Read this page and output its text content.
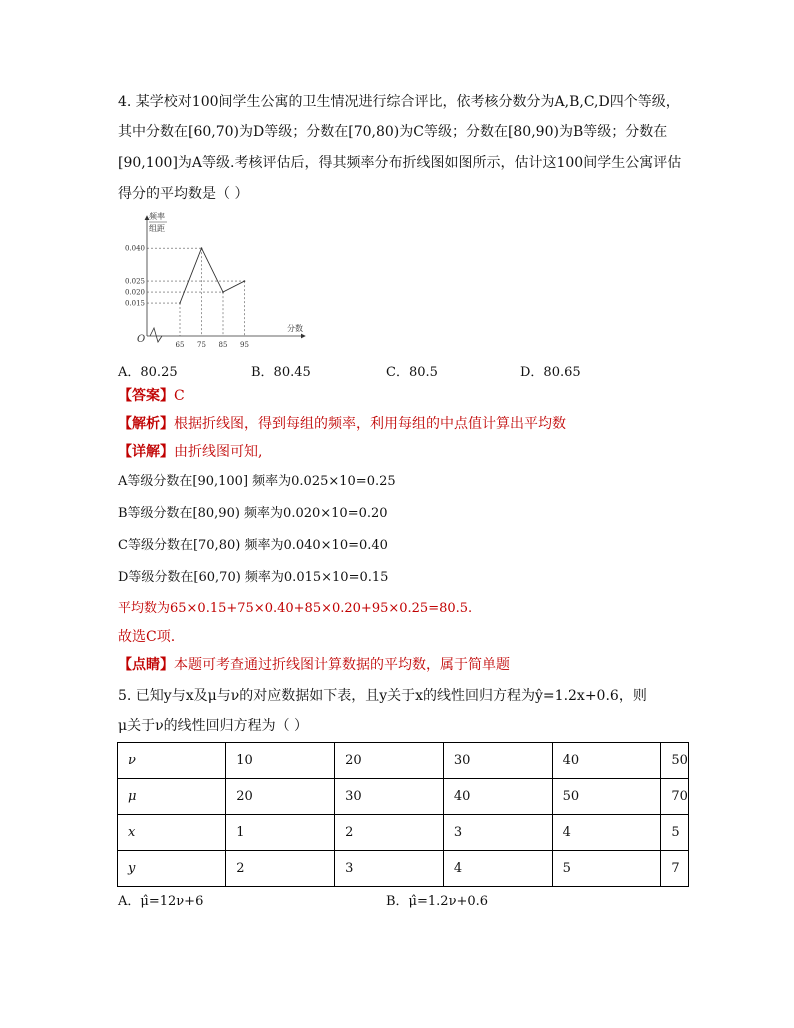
4. 某学校对100间学生公寓的卫生情况进行综合评比，依考核分数分为A,B,C,D四个等级，
其中分数在[60,70)为D等级；分数在[70,80)为C等级；分数在[80,90)为B等级；分数在
[90,100]为A等级.考核评估后，得其频率分布折线图如图所示，估计这100间学生公寓评估
得分的平均数是（ ）
频率
组距
分数
O
0.040
0.025
0.020
0.015
65 75 85 95
A．80.25	B．80.45	C．80.5	D．80.65
【答案】C
【解析】根据折线图，得到每组的频率，利用每组的中点值计算出平均数
【详解】由折线图可知,
A等级分数在[90,100] 频率为0.025×10=0.25
B等级分数在[80,90) 频率为0.020×10=0.20
C等级分数在[70,80) 频率为0.040×10=0.40
D等级分数在[60,70) 频率为0.015×10=0.15
平均数为65×0.15+75×0.40+85×0.20+95×0.25=80.5.
故选C项.
【点睛】本题可考查通过折线图计算数据的平均数，属于简单题
5. 已知y与x及μ与ν的对应数据如下表，且y关于x的线性回归方程为ŷ=1.2x+0.6，则
μ关于ν的线性回归方程为（ ）
ν	10	20	30	40	50
μ	20	30	40	50	70
x	1	2	3	4	5
y	2	3	4	5	7
A．μ̂=12ν+6	B．μ̂=1.2ν+0.6
